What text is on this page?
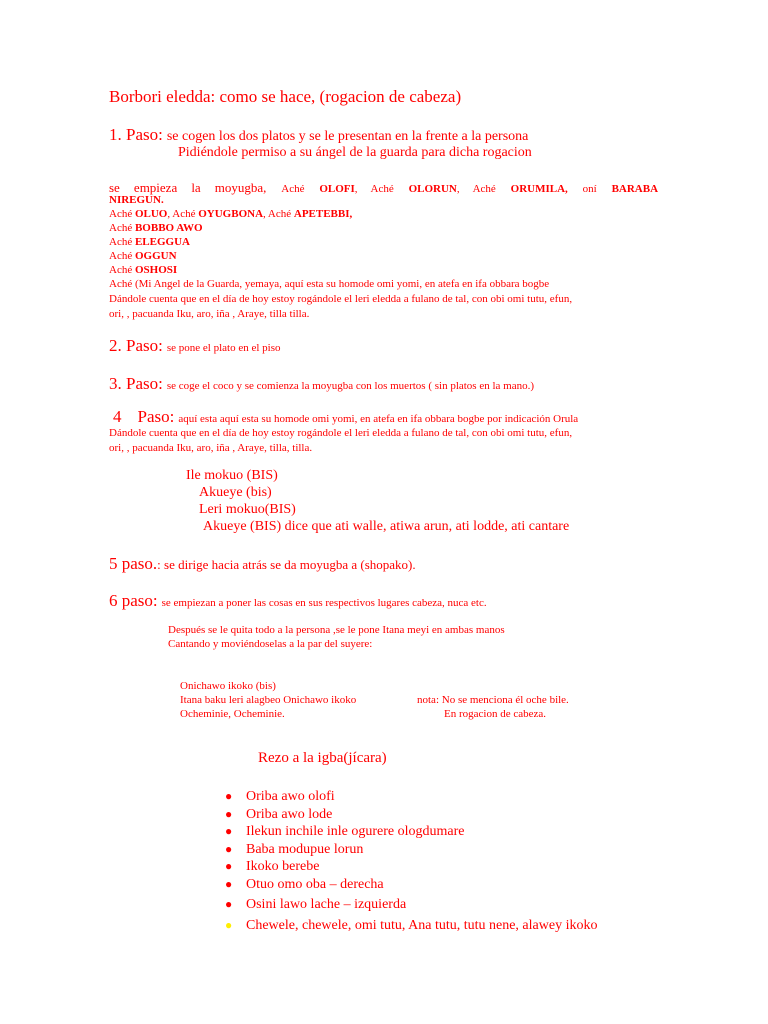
Borbori eledda: como se hace, (rogacion de cabeza)

1. Paso: se cogen los dos platos y se le presentan en la frente a la persona

Pidiéndole permiso a su ángel de la guarda para dicha rogacion

se empieza la moyugba, Aché OLOFI, Aché OLORUN, Aché ORUMILA, oní BARABA

NIREGUN.

Aché OLUO, Aché OYUGBONA, Aché APETEBBI,

Aché BOBBO AWO

Aché ELEGGUA

Aché OGGUN

Aché OSHOSI

Aché (Mi Angel de la Guarda, yemaya, aquí esta su homode omi yomi, en atefa en ifa obbara bogbe

Dándole cuenta que en el día de hoy estoy rogándole el leri eledda a fulano de tal, con obi omi tutu, efun,

ori, , pacuanda Iku, aro, iña , Araye, tilla tilla.

2. Paso: se pone el plato en el piso

3. Paso: se coge el coco y se comienza la moyugba con los muertos ( sin platos en la mano.)

4 Paso: aquí esta aquí esta su homode omi yomi, en atefa en ifa obbara bogbe por indicación Orula

Dándole cuenta que en el día de hoy estoy rogándole el leri eledda a fulano de tal, con obi omi tutu, efun,

ori, , pacuanda Iku, aro, iña , Araye, tilla, tilla.

Ile mokuo (BIS)

Akueye (bis)

Leri mokuo(BIS)

Akueye (BIS) dice que ati walle, atiwa arun, ati lodde, ati cantare

5 paso.: se dirige hacia atrás se da moyugba a (shopako).

6 paso: se empiezan a poner las cosas en sus respectivos lugares cabeza, nuca etc.

Después se le quita todo a la persona ,se le pone Itana meyi en ambas manos

Cantando y moviéndoselas a la par del suyere:

Onichawo ikoko (bis)

Itana baku leri alagbeo Onichawo ikoko

Ocheminie, Ocheminie.

nota: No se menciona él oche bile.

En rogacion de cabeza.

Rezo a la igba(jícara)

● Oriba awo olofi
● Oriba awo lode
● Ilekun inchile inle ogurere ologdumare
● Baba modupue lorun
● Ikoko berebe
● Otuo omo oba – derecha
● Osini lawo lache – izquierda
● Chewele, chewele, omi tutu, Ana tutu, tutu nene, alawey ikoko
